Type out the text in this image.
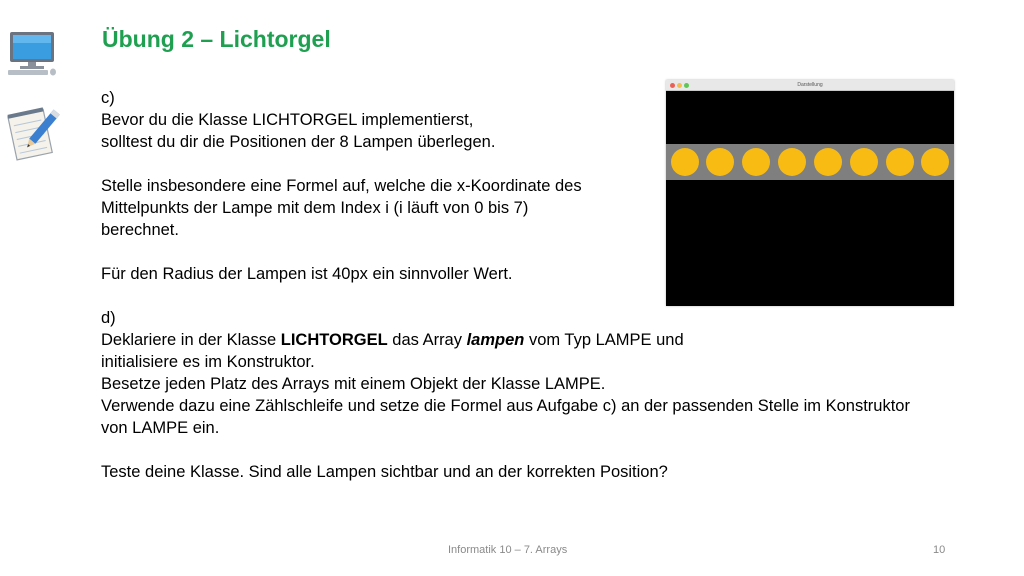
Übung 2 – Lichtorgel

c)

Bevor du die Klasse LICHTORGEL implementierst,

solltest du dir die Positionen der 8 Lampen überlegen.

Stelle insbesondere eine Formel auf, welche die x-Koordinate des

Mittelpunkts der Lampe mit dem Index i (i läuft von 0 bis 7)

berechnet.

Für den Radius der Lampen ist 40px ein sinnvoller Wert.

d)

Deklariere in der Klasse LICHTORGEL das Array lampen vom Typ LAMPE und

initialisiere es im Konstruktor.

Besetze jeden Platz des Arrays mit einem Objekt der Klasse LAMPE.

Verwende dazu eine Zählschleife und setze die Formel aus Aufgabe c) an der passenden Stelle im Konstruktor

von LAMPE ein.

Teste deine Klasse. Sind alle Lampen sichtbar und an der korrekten Position?

Darstellung
Informatik 10 – 7. Arrays	10
